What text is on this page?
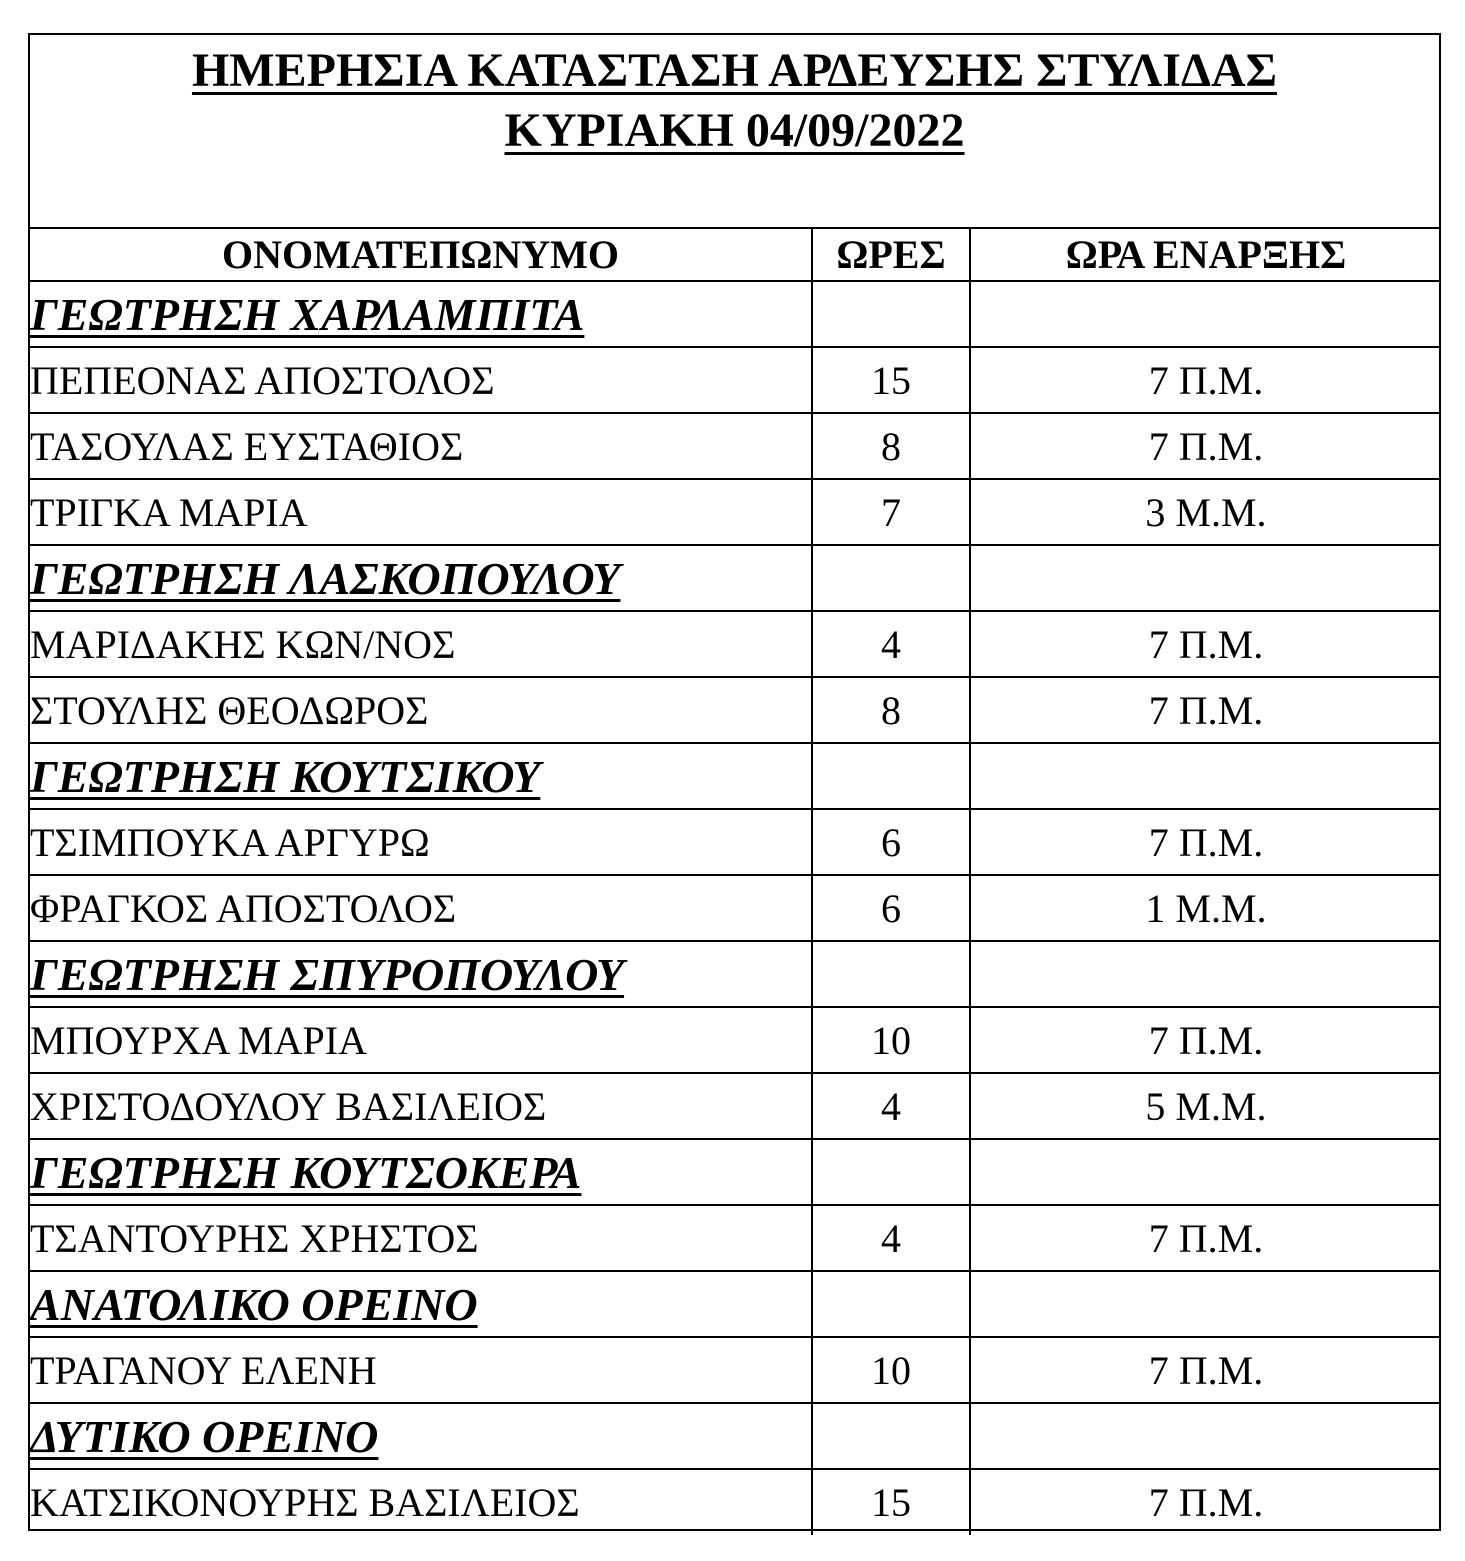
ΗΜΕΡΗΣΙΑ ΚΑΤΑΣΤΑΣΗ ΑΡΔΕΥΣΗΣ ΣΤΥΛΙΔΑΣ
ΚΥΡΙΑΚΗ 04/09/2022
ΟΝΟΜΑΤΕΠΩΝΥΜΟ	ΩΡΕΣ	ΩΡΑ ΕΝΑΡΞΗΣ
ΓΕΩΤΡΗΣΗ ΧΑΡΛΑΜΠΙΤΑ		
ΠΕΠΕΟΝΑΣ ΑΠΟΣΤΟΛΟΣ	15	7 Π.Μ.
ΤΑΣΟΥΛΑΣ ΕΥΣΤΑΘΙΟΣ	8	7 Π.Μ.
ΤΡΙΓΚΑ ΜΑΡΙΑ	7	3 Μ.Μ.
ΓΕΩΤΡΗΣΗ ΛΑΣΚΟΠΟΥΛΟΥ		
ΜΑΡΙΔΑΚΗΣ ΚΩΝ/ΝΟΣ	4	7 Π.Μ.
ΣΤΟΥΛΗΣ ΘΕΟΔΩΡΟΣ	8	7 Π.Μ.
ΓΕΩΤΡΗΣΗ ΚΟΥΤΣΙΚΟΥ		
ΤΣΙΜΠΟΥΚΑ ΑΡΓΥΡΩ	6	7 Π.Μ.
ΦΡΑΓΚΟΣ ΑΠΟΣΤΟΛΟΣ	6	1 Μ.Μ.
ΓΕΩΤΡΗΣΗ ΣΠΥΡΟΠΟΥΛΟΥ		
ΜΠΟΥΡΧΑ ΜΑΡΙΑ	10	7 Π.Μ.
ΧΡΙΣΤΟΔΟΥΛΟΥ ΒΑΣΙΛΕΙΟΣ	4	5 Μ.Μ.
ΓΕΩΤΡΗΣΗ ΚΟΥΤΣΟΚΕΡΑ		
ΤΣΑΝΤΟΥΡΗΣ ΧΡΗΣΤΟΣ	4	7 Π.Μ.
ΑΝΑΤΟΛΙΚΟ ΟΡΕΙΝΟ		
ΤΡΑΓΑΝΟΥ ΕΛΕΝΗ	10	7 Π.Μ.
ΔΥΤΙΚΟ ΟΡΕΙΝΟ		
ΚΑΤΣΙΚΟΝΟΥΡΗΣ ΒΑΣΙΛΕΙΟΣ	15	7 Π.Μ.
